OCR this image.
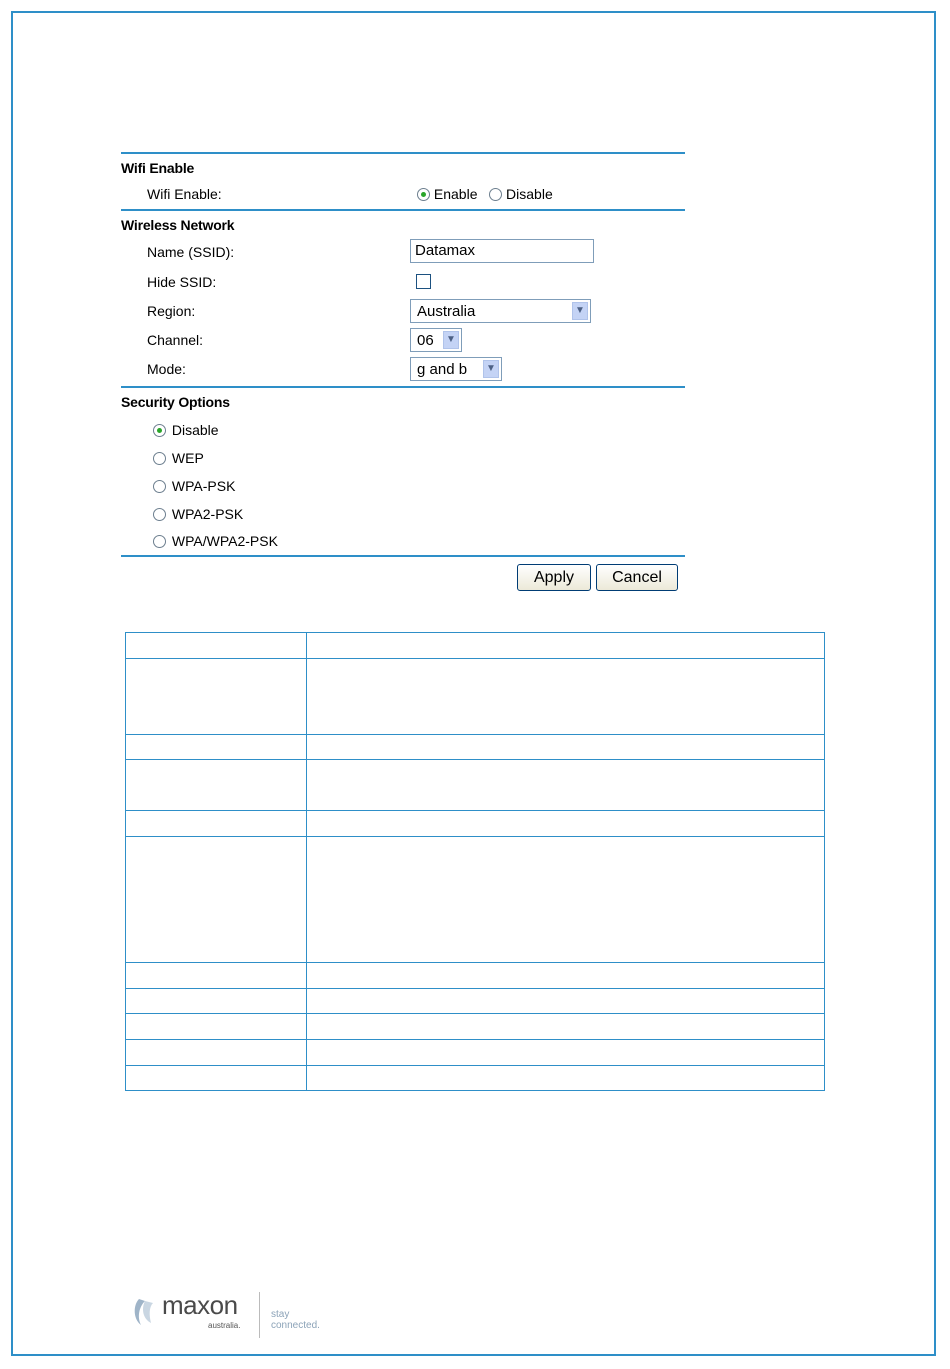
Wifi Enable
Wifi Enable:	Enable Disable
Wireless Network
Name (SSID):	Datamax
Hide SSID:
Region:	Australia	▼
Channel:	06	▼
Mode:	g and b	▼
Security Options
Disable
WEP
WPA-PSK
WPA2-PSK
WPA/WPA2-PSK
Apply	Cancel

maxon
australia.
stay connected.
